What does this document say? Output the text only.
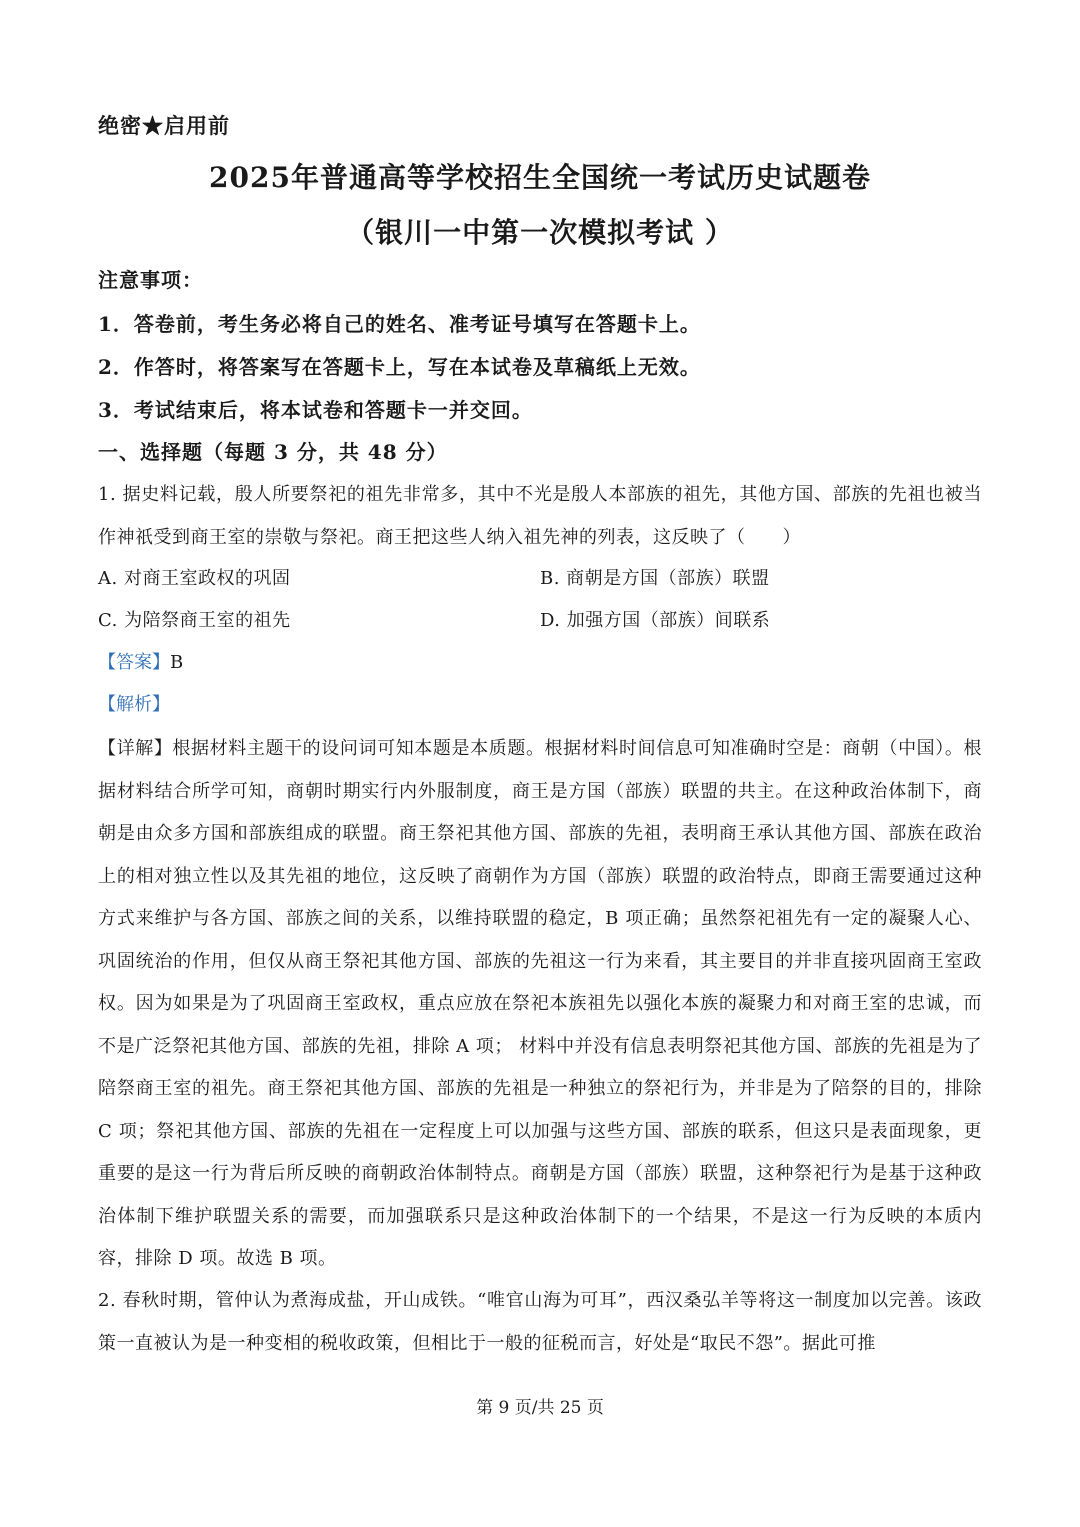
绝密★启用前
2025年普通高等学校招生全国统一考试历史试题卷
（银川一中第一次模拟考试 ）
注意事项：
1．答卷前，考生务必将自己的姓名、准考证号填写在答题卡上。
2．作答时，将答案写在答题卡上，写在本试卷及草稿纸上无效。
3．考试结束后，将本试卷和答题卡一并交回。
一、选择题（每题 3 分，共 48 分）
1. 据史料记载，殷人所要祭祀的祖先非常多，其中不光是殷人本部族的祖先，其他方国、部族的先祖也被当作神祇受到商王室的崇敬与祭祀。商王把这些人纳入祖先神的列表，这反映了（　　）
A. 对商王室政权的巩固	B. 商朝是方国（部族）联盟
C. 为陪祭商王室的祖先	D. 加强方国（部族）间联系
【答案】B
【解析】
【详解】根据材料主题干的设问词可知本题是本质题。根据材料时间信息可知准确时空是：商朝（中国）。根据材料结合所学可知，商朝时期实行内外服制度，商王是方国（部族）联盟的共主。在这种政治体制下，商朝是由众多方国和部族组成的联盟。商王祭祀其他方国、部族的先祖，表明商王承认其他方国、部族在政治上的相对独立性以及其先祖的地位，这反映了商朝作为方国（部族）联盟的政治特点，即商王需要通过这种方式来维护与各方国、部族之间的关系，以维持联盟的稳定，B 项正确；虽然祭祀祖先有一定的凝聚人心、巩固统治的作用，但仅从商王祭祀其他方国、部族的先祖这一行为来看，其主要目的并非直接巩固商王室政权。因为如果是为了巩固商王室政权，重点应放在祭祀本族祖先以强化本族的凝聚力和对商王室的忠诚，而不是广泛祭祀其他方国、部族的先祖，排除 A 项； 材料中并没有信息表明祭祀其他方国、部族的先祖是为了陪祭商王室的祖先。商王祭祀其他方国、部族的先祖是一种独立的祭祀行为，并非是为了陪祭的目的，排除 C 项；祭祀其他方国、部族的先祖在一定程度上可以加强与这些方国、部族的联系，但这只是表面现象，更重要的是这一行为背后所反映的商朝政治体制特点。商朝是方国（部族）联盟，这种祭祀行为是基于这种政治体制下维护联盟关系的需要，而加强联系只是这种政治体制下的一个结果，不是这一行为反映的本质内容，排除 D 项。故选 B 项。
2. 春秋时期，管仲认为煮海成盐，开山成铁。“唯官山海为可耳”，西汉桑弘羊等将这一制度加以完善。该政策一直被认为是一种变相的税收政策，但相比于一般的征税而言，好处是“取民不怨”。据此可推
第 9 页/共 25 页
